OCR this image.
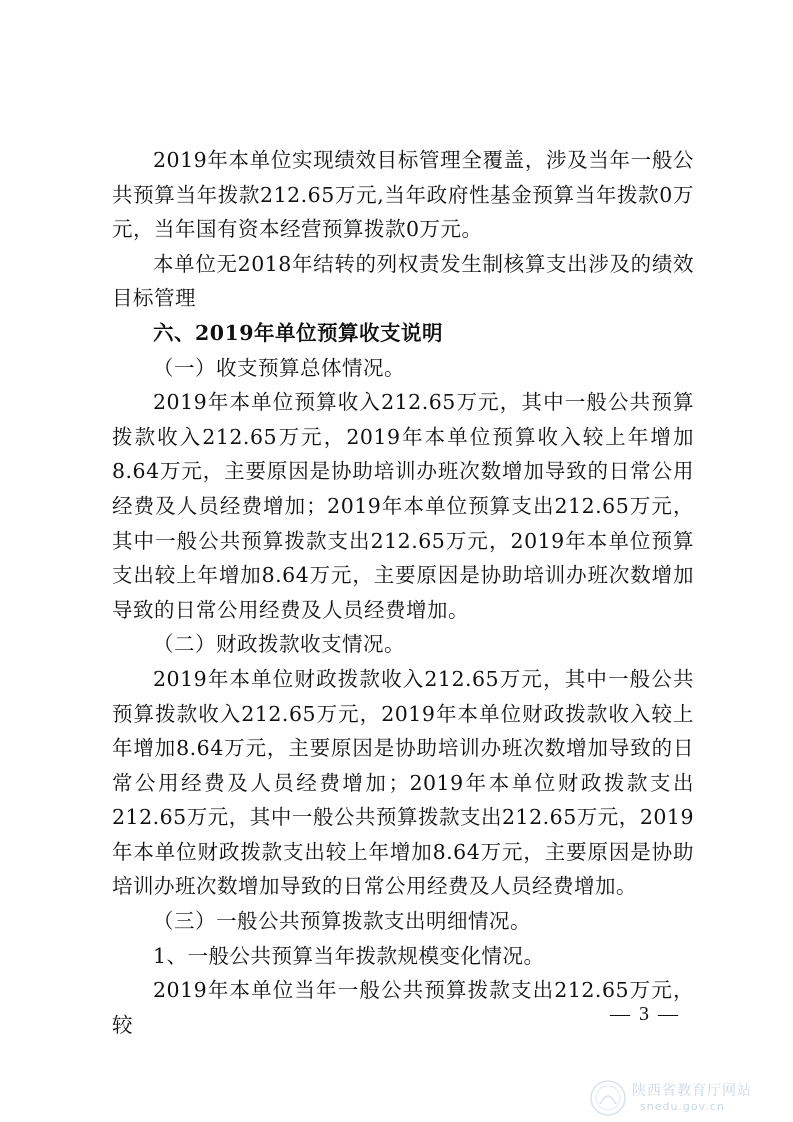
2019年本单位实现绩效目标管理全覆盖，涉及当年一般公共预算当年拨款212.65万元,当年政府性基金预算当年拨款0万元，当年国有资本经营预算拨款0万元。

本单位无2018年结转的列权责发生制核算支出涉及的绩效目标管理

六、2019年单位预算收支说明

（一）收支预算总体情况。

2019年本单位预算收入212.65万元，其中一般公共预算拨款收入212.65万元，2019年本单位预算收入较上年增加8.64万元，主要原因是协助培训办班次数增加导致的日常公用经费及人员经费增加；2019年本单位预算支出212.65万元，其中一般公共预算拨款支出212.65万元，2019年本单位预算支出较上年增加8.64万元，主要原因是协助培训办班次数增加导致的日常公用经费及人员经费增加。

（二）财政拨款收支情况。

2019年本单位财政拨款收入212.65万元，其中一般公共预算拨款收入212.65万元，2019年本单位财政拨款收入较上年增加8.64万元，主要原因是协助培训办班次数增加导致的日常公用经费及人员经费增加；2019年本单位财政拨款支出212.65万元，其中一般公共预算拨款支出212.65万元，2019年本单位财政拨款支出较上年增加8.64万元，主要原因是协助培训办班次数增加导致的日常公用经费及人员经费增加。

（三）一般公共预算拨款支出明细情况。

1、一般公共预算当年拨款规模变化情况。

2019年本单位当年一般公共预算拨款支出212.65万元，较	— 3 —
陕西省教育厅网站
snedu.gov.cn
